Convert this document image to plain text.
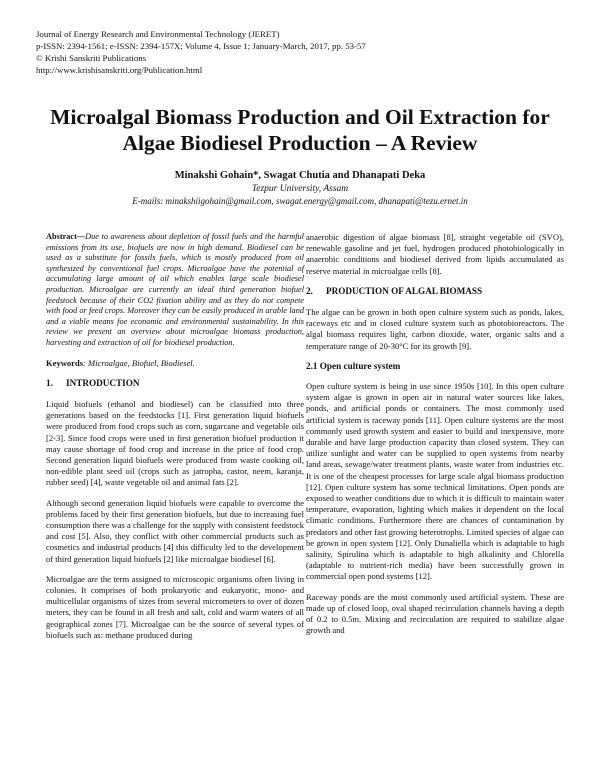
Journal of Energy Research and Environmental Technology (JERET)
p-ISSN: 2394-1561; e-ISSN: 2394-157X; Volume 4, Issue 1; January-March, 2017, pp. 53-57
© Krishi Sanskriti Publications
http://www.krishisanskriti.org/Publication.html
Microalgal Biomass Production and Oil Extraction for Algae Biodiesel Production – A Review
Minakshi Gohain*, Swagat Chutia and Dhanapati Deka
Tezpur University, Assam
E-mails: minakshiigohain@gmail.com, swagat.energy@gmail.com, dhanapati@tezu.ernet.in

Abstract—Due to awareness about depletion of fossil fuels and the harmful emissions from its use, biofuels are now in high demand. Biodiesel can be used as a substitute for fossils fuels, which is mostly produced from oil synthesized by conventional fuel crops. Microalgae have the potential of accumulating large amount of oil which enables large scale biodiesel production. Microalgae are currently an ideal third generation biofuel feedstock because of their CO2 fixation ability and as they do not compete with food or feed crops. Moreover they can be easily produced in arable land and a viable means foe economic and environmental sustainability. In this review we present an overview about microalgae biomass production, harvesting and extraction of oil for biodiesel production.

Keywords: Microalgae, Biofuel, Biodiesel.

1. INTRODUCTION

Liquid biofuels (ethanol and biodiesel) can be classified into three generations based on the feedstocks [1]. First generation liquid biofuels were produced from food crops such as corn, sugarcane and vegetable oils [2-3]. Since food crops were used in first generation biofuel production it may cause shortage of food crop and increase in the price of food crop. Second generation liquid biofuels were produced from waste cooking oil, non-edible plant seed oil (crops such as jatropha, castor, neem, karanja, rubber seed) [4], waste vegetable oil and animal fats [2].

Although second generation liquid biofuels were capable to overcome the problems faced by their first generation biofuels, but due to increasing fuel consumption there was a challenge for the supply with consistent feedstock and cost [5]. Also, they conflict with other commercial products such as cosmetics and industrial products [4] this difficulty led to the development of third generation liquid biofuels [2] like microalgae biodiesel [6].

Microalgae are the term assigned to microscopic organisms often living in colonies. It comprises of both prokaryotic and eukaryotic, mono- and multicellular organisms of sizes from several micrometers to over of dozen meters, they can be found in all fresh and salt, cold and warm waters of all geographical zones [7]. Microalgae can be the source of several types of biofuels such as: methane produced during

anaerobic digestion of algae biomass [8], straight vegetable oil (SVO), renewable gasoline and jet fuel, hydrogen produced photobiologically in anaerobic conditions and biodiesel derived from lipids accumulated as reserve material in microalgae cells [8].

2. PRODUCTION OF ALGAL BIOMASS

The algae can be grown in both open culture system such as ponds, lakes, raceways etc and in closed culture system such as photobioreactors. The algal biomass requires light, carbon dioxide, water, organic salts and a temperature range of 20-30°C for its growth [9].

2.1 Open culture system

Open culture system is being in use since 1950s [10]. In this open culture system algae is grown in open air in natural water sources like lakes, ponds, and artificial ponds or containers. The most commonly used artificial system is raceway ponds [11]. Open culture systems are the most commonly used growth system and easier to build and inexpensive, more durable and have large production capacity than closed system. They can utilize sunlight and water can be supplied to open systems from nearby land areas, sewage/water treatment plants, waste water from industries etc. It is one of the cheapest processes for large scale algal biomass production [12]. Open culture system has some technical limitations. Open ponds are exposed to weather conditions due to which it is difficult to maintain water temperature, evaporation, lighting which makes it dependent on the local climatic conditions. Furthermore there are chances of contamination by predators and other fast growing heterotrophs. Limited species of algae can be grown in open system [12]. Only Dunaliella which is adaptable to high salinity, Spirulina which is adaptable to high alkalinity and Chlorella (adaptable to nutrient-rich media) have been successfully grown in commercial open pond systems [12].

Raceway ponds are the most commonly used artificial system. These are made up of closed loop, oval shaped recirculation channels having a depth of 0.2 to 0.5m. Mixing and recirculation are required to stabilize algae growth and
